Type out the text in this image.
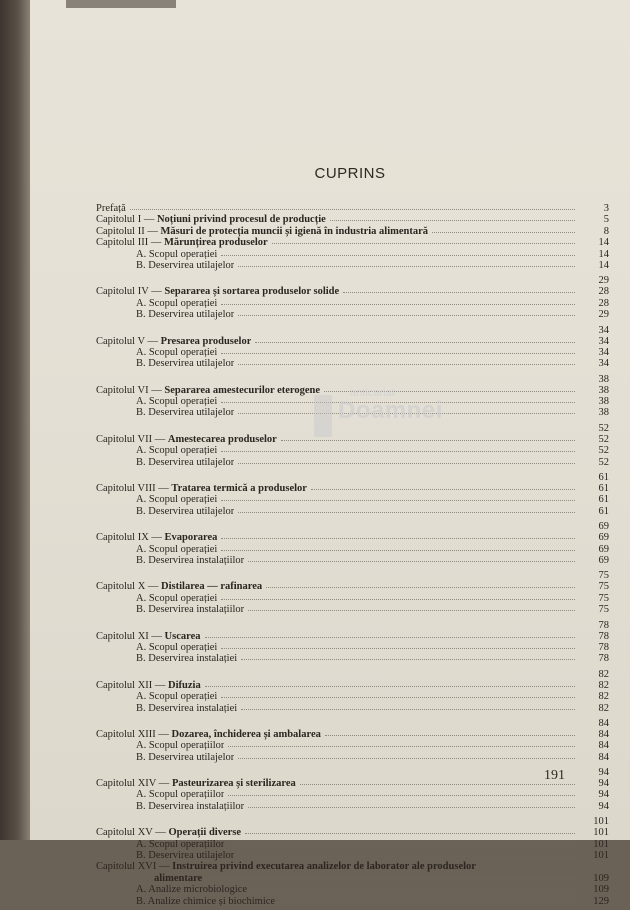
CUPRINS
Prefață	3
Capitolul I — Noțiuni privind procesul de producție	5
Capitolul II — Măsuri de protecția muncii și igienă în industria alimentară	8
Capitolul III — Mărunțirea produselor	14
A. Scopul operației	14
B. Deservirea utilajelor	14
29
Capitolul IV — Separarea și sortarea produselor solide	28
A. Scopul operației	28
B. Deservirea utilajelor	29
34
Capitolul V — Presarea produselor	34
A. Scopul operației	34
B. Deservirea utilajelor	34
38
Capitolul VI — Separarea amestecurilor eterogene	38
A. Scopul operației	38
B. Deservirea utilajelor	38
52
Capitolul VII — Amestecarea produselor	52
A. Scopul operației	52
B. Deservirea utilajelor	52
61
Capitolul VIII — Tratarea termică a produselor	61
A. Scopul operației	61
B. Deservirea utilajelor	61
69
Capitolul IX — Evaporarea	69
A. Scopul operației	69
B. Deservirea instalațiilor	69
75
Capitolul X — Distilarea — rafinarea	75
A. Scopul operației	75
B. Deservirea instalațiilor	75
78
Capitolul XI — Uscarea	78
A. Scopul operației	78
B. Deservirea instalației	78
82
Capitolul XII — Difuzia	82
A. Scopul operației	82
B. Deservirea instalației	82
84
Capitolul XIII — Dozarea, închiderea și ambalarea	84
A. Scopul operațiilor	84
B. Deservirea utilajelor	84
94
Capitolul XIV — Pasteurizarea și sterilizarea	94
A. Scopul operațiilor	94
B. Deservirea instalațiilor	94
101
Capitolul XV — Operații diverse	101
A. Scopul operațiilor	101
B. Deservirea utilajelor	101
Capitolul XVI — Instruirea privind executarea analizelor de laborator ale produselor
alimentare	109
A. Analize microbiologice	109
B. Analize chimice și biochimice	129
anticariat
Doamnei
191
